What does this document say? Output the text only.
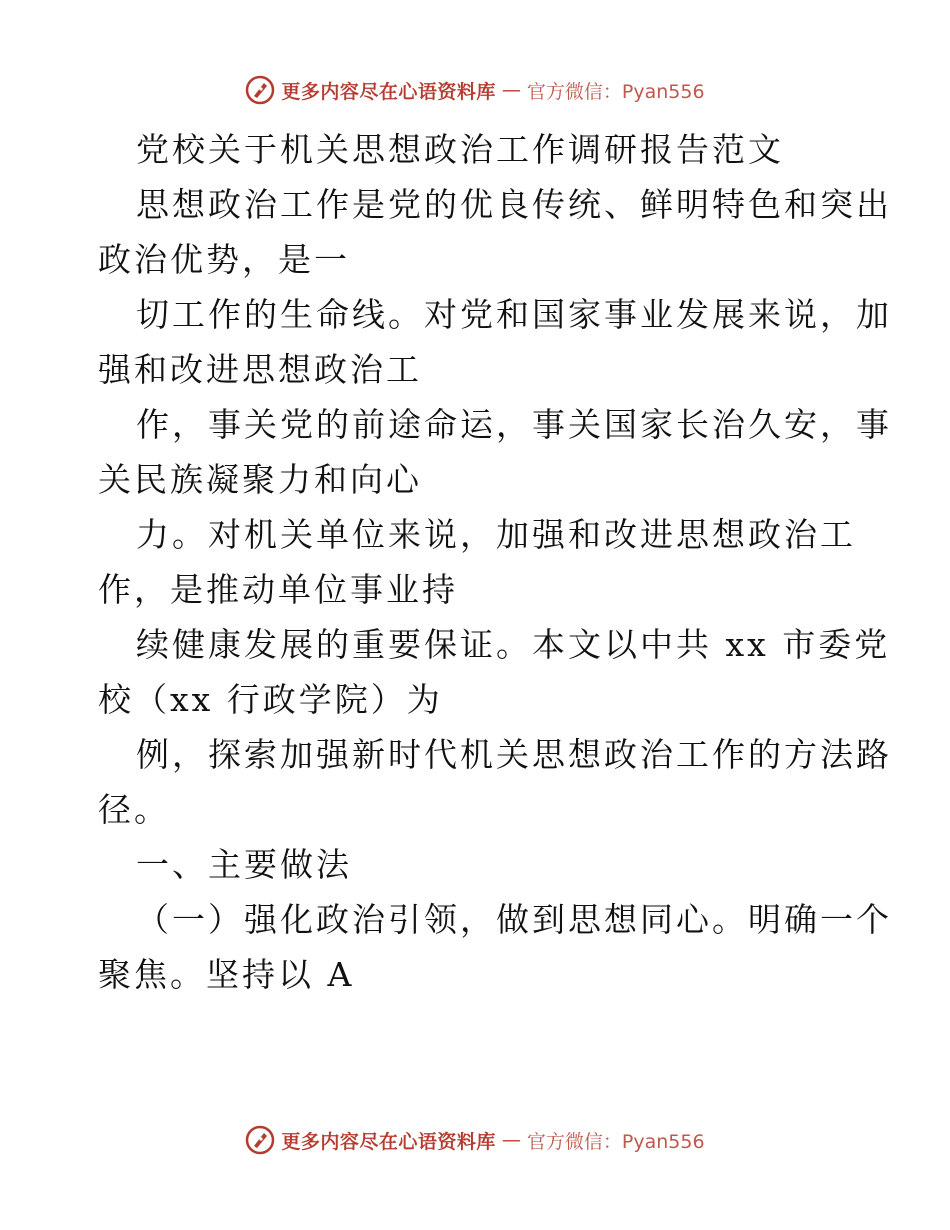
更多内容尽在心语资料库 — 官方微信：Pyan556
党校关于机关思想政治工作调研报告范文
思想政治工作是党的优良传统、鲜明特色和突出
政治优势，是一
切工作的生命线。对党和国家事业发展来说，加
强和改进思想政治工
作，事关党的前途命运，事关国家长治久安，事
关民族凝聚力和向心
力。对机关单位来说，加强和改进思想政治工
作，是推动单位事业持
续健康发展的重要保证。本文以中共 xx 市委党
校（xx 行政学院）为
例，探索加强新时代机关思想政治工作的方法路
径。
一、主要做法
（一）强化政治引领，做到思想同心。明确一个
聚焦。坚持以 A
更多内容尽在心语资料库 — 官方微信：Pyan556
